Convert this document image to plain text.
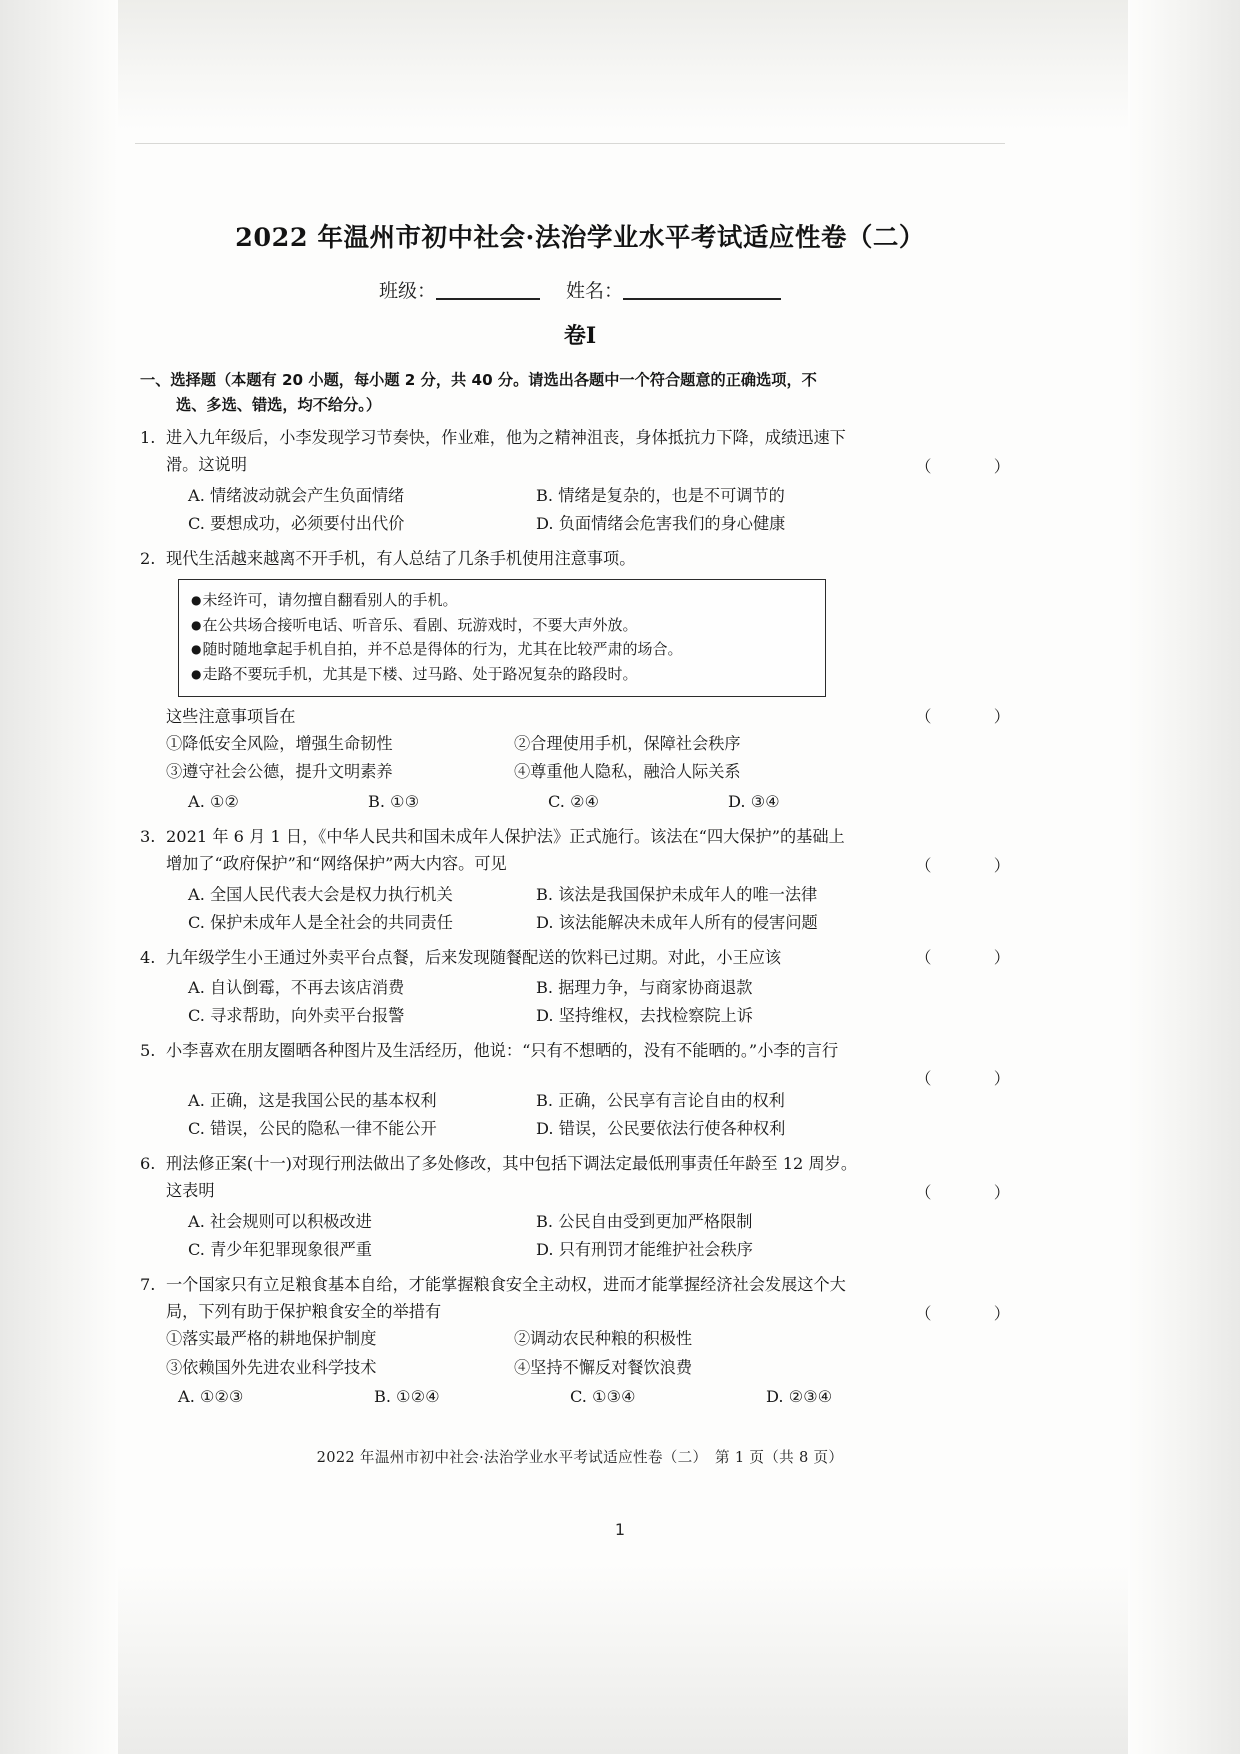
2022 年温州市初中社会·法治学业水平考试适应性卷（二）
班级：	姓名：
卷Ⅰ
一、选择题（本题有 20 小题，每小题 2 分，共 40 分。请选出各题中一个符合题意的正确选项，不
选、多选、错选，均不给分。）
1. 进入九年级后，小李发现学习节奏快，作业难，他为之精神沮丧，身体抵抗力下降，成绩迅速下
滑。这说明	（　　）
A. 情绪波动就会产生负面情绪	B. 情绪是复杂的，也是不可调节的
C. 要想成功，必须要付出代价	D. 负面情绪会危害我们的身心健康
2. 现代生活越来越离不开手机，有人总结了几条手机使用注意事项。
●未经许可，请勿擅自翻看别人的手机。
●在公共场合接听电话、听音乐、看剧、玩游戏时，不要大声外放。
●随时随地拿起手机自拍，并不总是得体的行为，尤其在比较严肃的场合。
●走路不要玩手机，尤其是下楼、过马路、处于路况复杂的路段时。
这些注意事项旨在	（　　）
①降低安全风险，增强生命韧性	②合理使用手机，保障社会秩序
③遵守社会公德，提升文明素养	④尊重他人隐私，融洽人际关系
A. ①②	B. ①③	C. ②④	D. ③④
3. 2021 年 6 月 1 日，《中华人民共和国未成年人保护法》正式施行。该法在“四大保护”的基础上
增加了“政府保护”和“网络保护”两大内容。可见	（　　）
A. 全国人民代表大会是权力执行机关	B. 该法是我国保护未成年人的唯一法律
C. 保护未成年人是全社会的共同责任	D. 该法能解决未成年人所有的侵害问题
4. 九年级学生小王通过外卖平台点餐，后来发现随餐配送的饮料已过期。对此，小王应该	（　　）
A. 自认倒霉，不再去该店消费	B. 据理力争，与商家协商退款
C. 寻求帮助，向外卖平台报警	D. 坚持维权，去找检察院上诉
5. 小李喜欢在朋友圈晒各种图片及生活经历，他说：“只有不想晒的，没有不能晒的。”小李的言行
（　　）
A. 正确，这是我国公民的基本权利	B. 正确，公民享有言论自由的权利
C. 错误，公民的隐私一律不能公开	D. 错误，公民要依法行使各种权利
6. 刑法修正案(十一)对现行刑法做出了多处修改，其中包括下调法定最低刑事责任年龄至 12 周岁。
这表明	（　　）
A. 社会规则可以积极改进	B. 公民自由受到更加严格限制
C. 青少年犯罪现象很严重	D. 只有刑罚才能维护社会秩序
7. 一个国家只有立足粮食基本自给，才能掌握粮食安全主动权，进而才能掌握经济社会发展这个大
局，下列有助于保护粮食安全的举措有	（　　）
①落实最严格的耕地保护制度	②调动农民种粮的积极性
③依赖国外先进农业科学技术	④坚持不懈反对餐饮浪费
A. ①②③	B. ①②④	C. ①③④	D. ②③④
2022 年温州市初中社会·法治学业水平考试适应性卷（二）　第 1 页（共 8 页）
1
